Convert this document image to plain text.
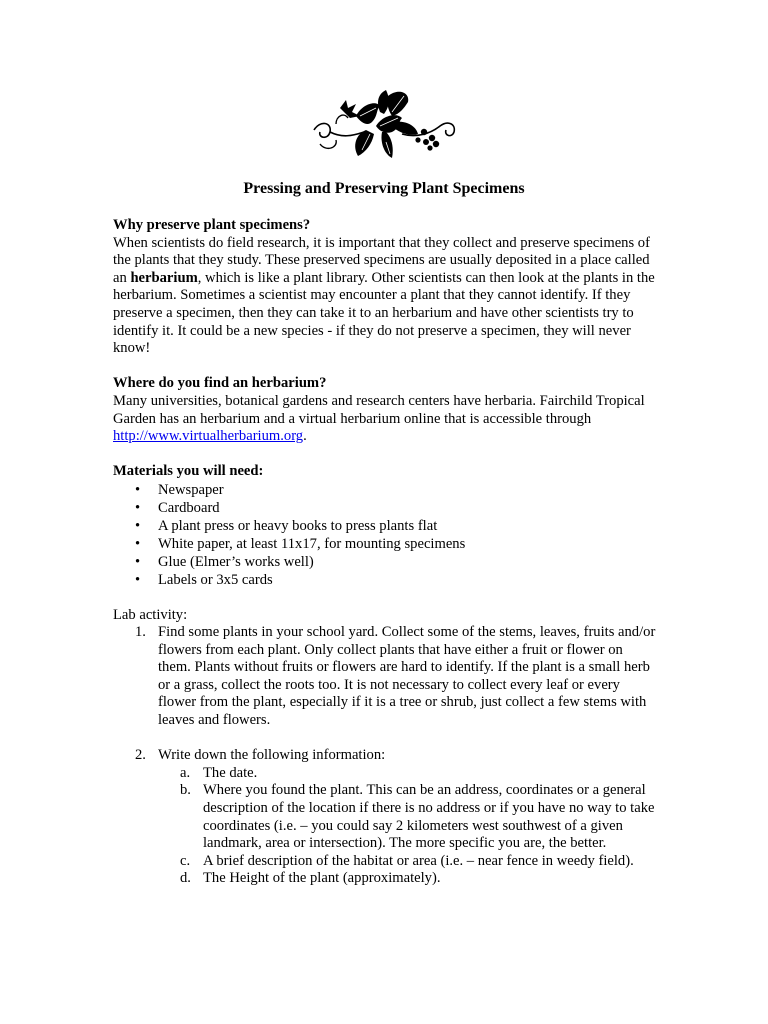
Pressing and Preserving Plant Specimens
Why preserve plant specimens?

When scientists do field research, it is important that they collect and preserve specimens of the plants that they study. These preserved specimens are usually deposited in a place called an herbarium, which is like a plant library. Other scientists can then look at the plants in the herbarium. Sometimes a scientist may encounter a plant that they cannot identify. If they preserve a specimen, then they can take it to an herbarium and have other scientists try to identify it. It could be a new species - if they do not preserve a specimen, they will never know!

Where do you find an herbarium?

Many universities, botanical gardens and research centers have herbaria. Fairchild Tropical Garden has an herbarium and a virtual herbarium online that is accessible through http://www.virtualherbarium.org.

Materials you will need:
• Newspaper
• Cardboard
• A plant press or heavy books to press plants flat
• White paper, at least 11x17, for mounting specimens
• Glue (Elmer’s works well)
• Labels or 3x5 cards

Lab activity:

1. Find some plants in your school yard. Collect some of the stems, leaves, fruits and/or flowers from each plant. Only collect plants that have either a fruit or flower on them. Plants without fruits or flowers are hard to identify. If the plant is a small herb or a grass, collect the roots too. It is not necessary to collect every leaf or every flower from the plant, especially if it is a tree or shrub, just collect a few stems with leaves and flowers.
2. Write down the following information:
a. The date.
b. Where you found the plant. This can be an address, coordinates or a general description of the location if there is no address or if you have no way to take coordinates (i.e. – you could say 2 kilometers west southwest of a given landmark, area or intersection). The more specific you are, the better.
c. A brief description of the habitat or area (i.e. – near fence in weedy field).
d. The Height of the plant (approximately).
